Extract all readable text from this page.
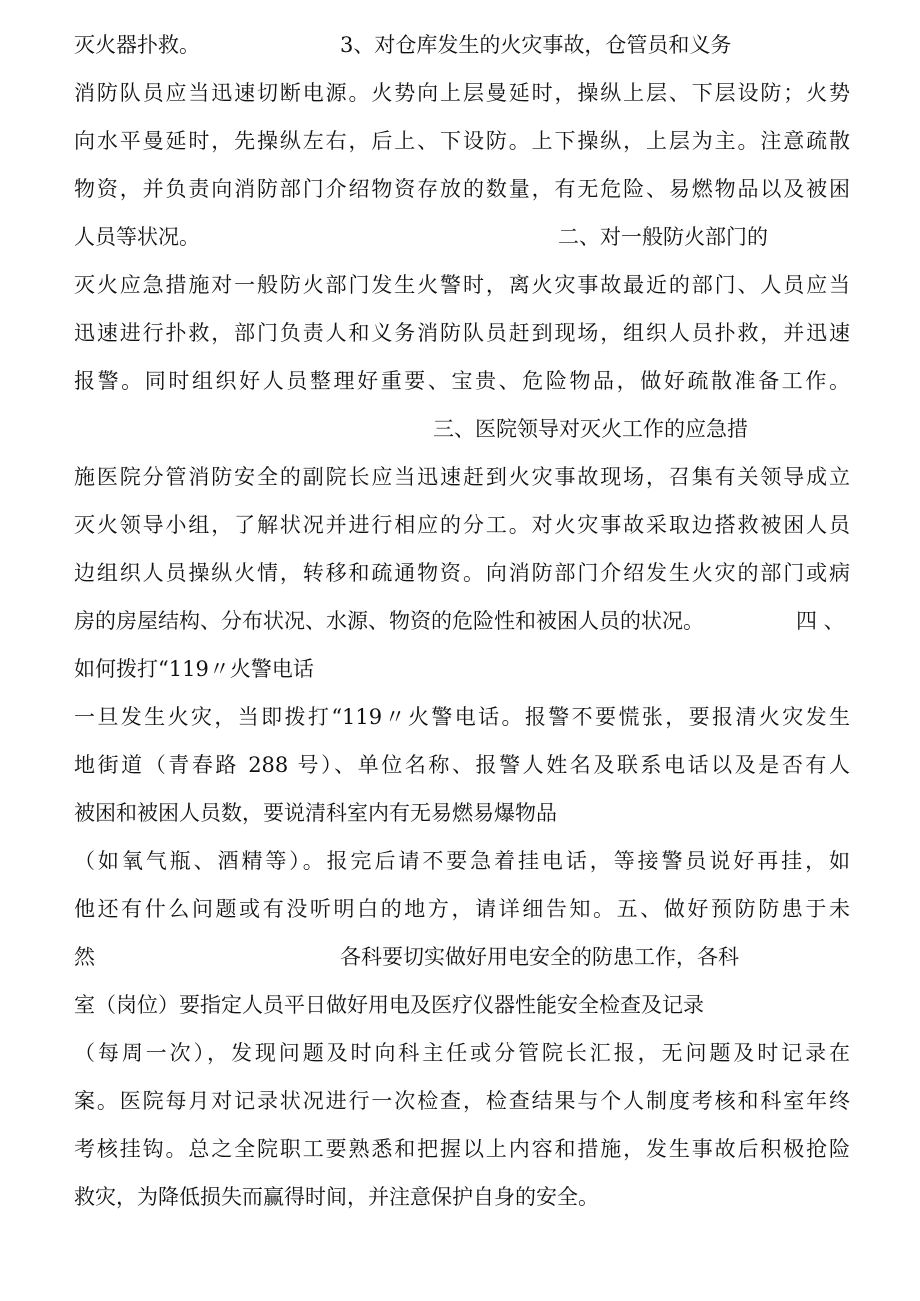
灭火器扑救。	3、对仓库发生的火灾事故，仓管员和义务
消防队员应当迅速切断电源。火势向上层曼延时，操纵上层、下层设防；火势
向水平曼延时，先操纵左右，后上、下设防。上下操纵，上层为主。注意疏散
物资，并负责向消防部门介绍物资存放的数量，有无危险、易燃物品以及被困
人员等状况。	二、对一般防火部门的
灭火应急措施对一般防火部门发生火警时，离火灾事故最近的部门、人员应当
迅速进行扑救，部门负责人和义务消防队员赶到现场，组织人员扑救，并迅速
报警。同时组织好人员整理好重要、宝贵、危险物品，做好疏散准备工作。
三、医院领导对灭火工作的应急措
施医院分管消防安全的副院长应当迅速赶到火灾事故现场，召集有关领导成立
灭火领导小组，了解状况并进行相应的分工。对火灾事故采取边搭救被困人员
边组织人员操纵火情，转移和疏通物资。向消防部门介绍发生火灾的部门或病
房的房屋结构、分布状况、水源、物资的危险性和被困人员的状况。	四 、
如何拨打“119〃火警电话
一旦发生火灾，当即拨打“119〃火警电话。报警不要慌张，要报清火灾发生
地街道（青春路 288 号）、单位名称、报警人姓名及联系电话以及是否有人
被困和被困人员数，要说清科室内有无易燃易爆物品
（如氧气瓶、酒精等）。报完后请不要急着挂电话，等接警员说好再挂，如
他还有什么问题或有没听明白的地方，请详细告知。五、做好预防防患于未
然	各科要切实做好用电安全的防患工作，各科
室（岗位）要指定人员平日做好用电及医疗仪器性能安全检查及记录
（每周一次），发现问题及时向科主任或分管院长汇报，无问题及时记录在
案。医院每月对记录状况进行一次检查，检查结果与个人制度考核和科室年终
考核挂钩。总之全院职工要熟悉和把握以上内容和措施，发生事故后积极抢险
救灾，为降低损失而赢得时间，并注意保护自身的安全。
